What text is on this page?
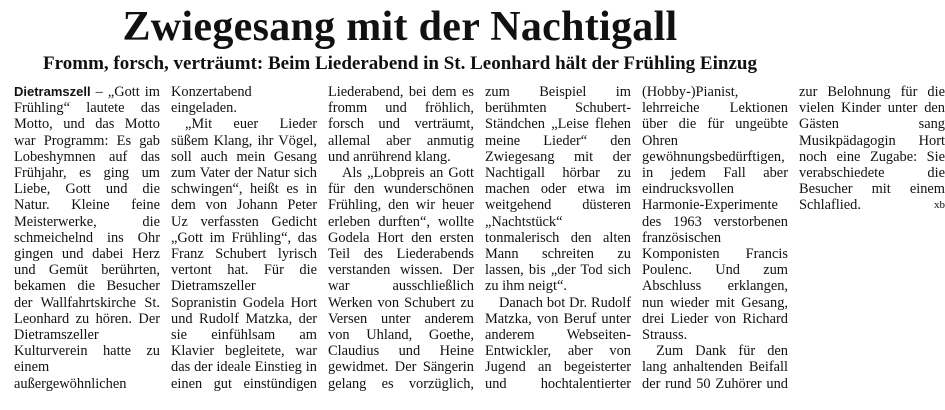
Zwiegesang mit der Nachtigall
Fromm, forsch, verträumt: Beim Liederabend in St. Leonhard hält der Frühling Einzug

Dietramszell – „Gott im Frühling“ lautete das Motto, und das Motto war Programm: Es gab Lobeshymnen auf das Frühjahr, es ging um Liebe, Gott und die Natur. Kleine feine Meisterwerke, die schmeichelnd ins Ohr gingen und dabei Herz und Gemüt berührten, bekamen die Besucher der Wallfahrtskirche St. Leonhard zu hören. Der Dietramszeller Kulturverein hatte zu einem außergewöhnlichen Konzertabend eingeladen.

„Mit euer Lieder süßem Klang, ihr Vögel, soll auch mein Gesang zum Vater der Natur sich schwingen“, heißt es in dem von Johann Peter Uz verfassten Gedicht „Gott im Frühling“, das Franz Schubert lyrisch vertont hat. Für die Dietramszeller Sopranistin Godela Hort und Rudolf Matzka, der sie einfühlsam am Klavier begleitete, war das der ideale Einstieg in einen gut einstündigen Liederabend, bei dem es fromm und fröhlich, forsch und verträumt, allemal aber anmutig und anrührend klang.

Als „Lobpreis an Gott für den wunderschönen Frühling, den wir heuer erleben durften“, wollte Godela Hort den ersten Teil des Liederabends verstanden wissen. Der war ausschließlich Werken von Schubert zu Versen unter anderem von Uhland, Goethe, Claudius und Heine gewidmet. Der Sängerin gelang es vorzüglich, zum Beispiel im berühmten Schubert-Ständchen „Leise flehen meine Lieder“ den Zwiegesang mit der Nachtigall hörbar zu machen oder etwa im weitgehend düsteren „Nachtstück“ tonmalerisch den alten Mann schreiten zu lassen, bis „der Tod sich zu ihm neigt“.

Danach bot Dr. Rudolf Matzka, von Beruf unter anderem Webseiten-Entwickler, aber von Jugend an begeisterter und hochtalentierter (Hobby-)Pianist, lehrreiche Lektionen über die für ungeübte Ohren gewöhnungsbedürftigen, in jedem Fall aber eindrucksvollen Harmonie-Experimente des 1963 verstorbenen französischen Komponisten Francis Poulenc. Und zum Abschluss erklangen, nun wieder mit Gesang, drei Lieder von Richard Strauss.

Zum Dank für den lang anhaltenden Beifall der rund 50 Zuhörer und zur Belohnung für die vielen Kinder unter den Gästen sang Musikpädagogin Hort noch eine Zugabe: Sie verabschiedete die Besucher mit einem Schlaflied.	xb
